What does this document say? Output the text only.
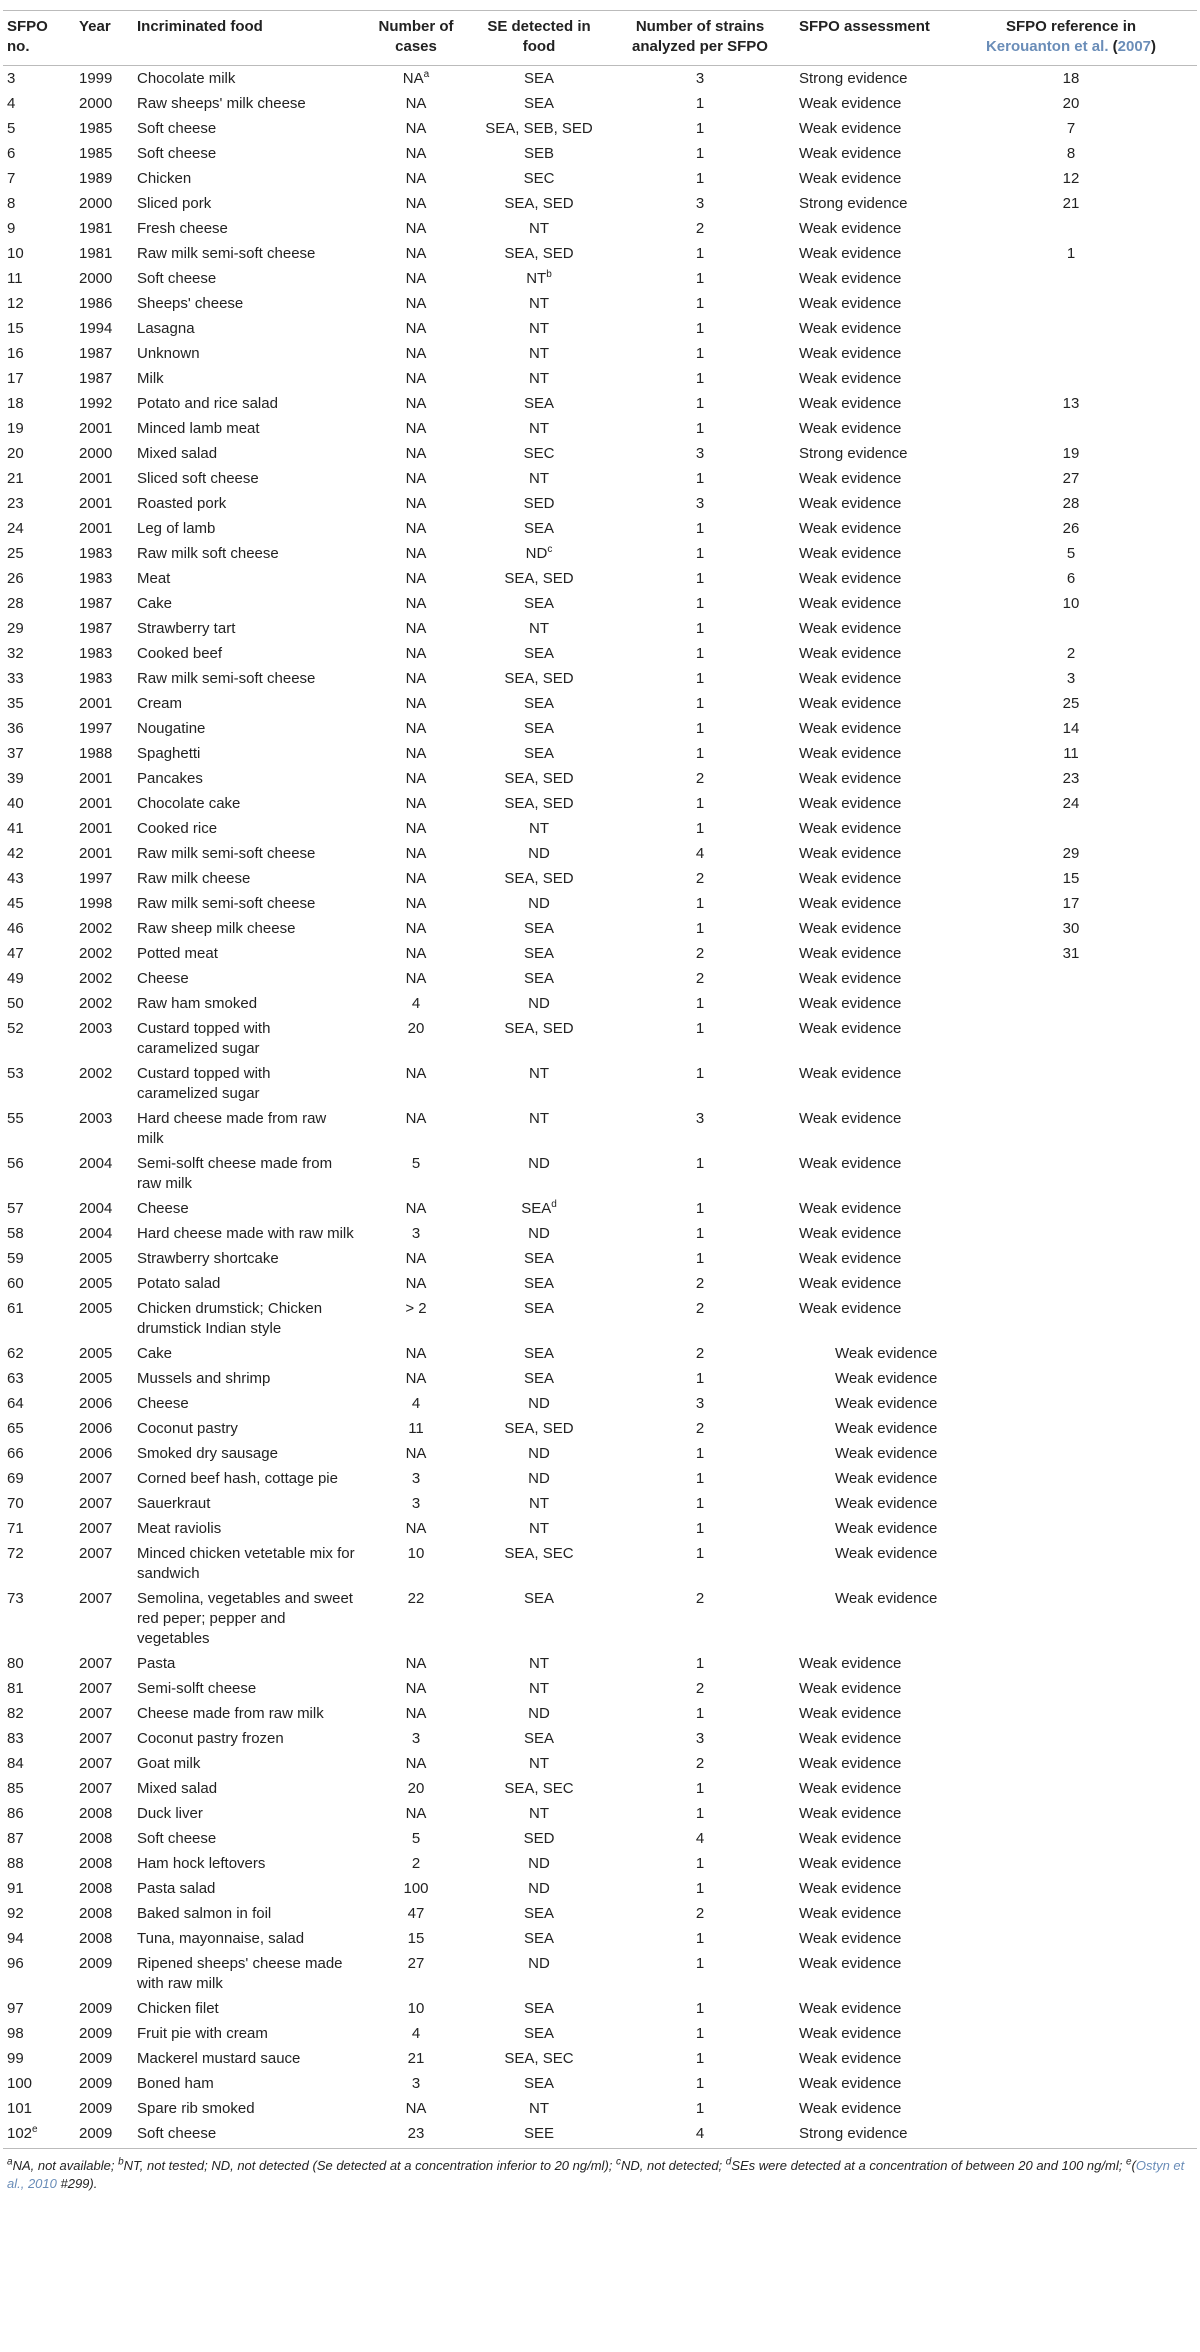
SFPO no.	Year	Incriminated food	Number of cases	SE detected in food	Number of strains analyzed per SFPO	SFPO assessment	SFPO reference in
Kerouanton et al. (2007)
3	1999	Chocolate milk	$NA^a$	SEA	3	Strong evidence	18
4	2000	Raw sheeps' milk cheese	NA	SEA	1	Weak evidence	20
5	1985	Soft cheese	NA	SEA, SEB, SED	1	Weak evidence	7
6	1985	Soft cheese	NA	SEB	1	Weak evidence	8
7	1989	Chicken	NA	SEC	1	Weak evidence	12
8	2000	Sliced pork	NA	SEA, SED	3	Strong evidence	21
9	1981	Fresh cheese	NA	NT	2	Weak evidence	
10	1981	Raw milk semi-soft cheese	NA	SEA, SED	1	Weak evidence	1
11	2000	Soft cheese	NA	$NT^b$	1	Weak evidence	
12	1986	Sheeps' cheese	NA	NT	1	Weak evidence	
15	1994	Lasagna	NA	NT	1	Weak evidence	
16	1987	Unknown	NA	NT	1	Weak evidence	
17	1987	Milk	NA	NT	1	Weak evidence	
18	1992	Potato and rice salad	NA	SEA	1	Weak evidence	13
19	2001	Minced lamb meat	NA	NT	1	Weak evidence	
20	2000	Mixed salad	NA	SEC	3	Strong evidence	19
21	2001	Sliced soft cheese	NA	NT	1	Weak evidence	27
23	2001	Roasted pork	NA	SED	3	Weak evidence	28
24	2001	Leg of lamb	NA	SEA	1	Weak evidence	26
25	1983	Raw milk soft cheese	NA	$ND^c$	1	Weak evidence	5
26	1983	Meat	NA	SEA, SED	1	Weak evidence	6
28	1987	Cake	NA	SEA	1	Weak evidence	10
29	1987	Strawberry tart	NA	NT	1	Weak evidence	
32	1983	Cooked beef	NA	SEA	1	Weak evidence	2
33	1983	Raw milk semi-soft cheese	NA	SEA, SED	1	Weak evidence	3
35	2001	Cream	NA	SEA	1	Weak evidence	25
36	1997	Nougatine	NA	SEA	1	Weak evidence	14
37	1988	Spaghetti	NA	SEA	1	Weak evidence	11
39	2001	Pancakes	NA	SEA, SED	2	Weak evidence	23
40	2001	Chocolate cake	NA	SEA, SED	1	Weak evidence	24
41	2001	Cooked rice	NA	NT	1	Weak evidence	
42	2001	Raw milk semi-soft cheese	NA	ND	4	Weak evidence	29
43	1997	Raw milk cheese	NA	SEA, SED	2	Weak evidence	15
45	1998	Raw milk semi-soft cheese	NA	ND	1	Weak evidence	17
46	2002	Raw sheep milk cheese	NA	SEA	1	Weak evidence	30
47	2002	Potted meat	NA	SEA	2	Weak evidence	31
49	2002	Cheese	NA	SEA	2	Weak evidence	
50	2002	Raw ham smoked	4	ND	1	Weak evidence	
52	2003	Custard topped with caramelized sugar	20	SEA, SED	1	Weak evidence	
53	2002	Custard topped with caramelized sugar	NA	NT	1	Weak evidence	
55	2003	Hard cheese made from raw milk	NA	NT	3	Weak evidence	
56	2004	Semi-solft cheese made from raw milk	5	ND	1	Weak evidence	
57	2004	Cheese	NA	SEA$^d$	1	Weak evidence	
58	2004	Hard cheese made with raw milk	3	ND	1	Weak evidence	
59	2005	Strawberry shortcake	NA	SEA	1	Weak evidence	
60	2005	Potato salad	NA	SEA	2	Weak evidence	
61	2005	Chicken drumstick; Chicken drumstick Indian style	> 2	SEA	2	Weak evidence	
62	2005	Cake	NA	SEA	2	Weak evidence	
63	2005	Mussels and shrimp	NA	SEA	1	Weak evidence	
64	2006	Cheese	4	ND	3	Weak evidence	
65	2006	Coconut pastry	11	SEA, SED	2	Weak evidence	
66	2006	Smoked dry sausage	NA	ND	1	Weak evidence	
69	2007	Corned beef hash, cottage pie	3	ND	1	Weak evidence	
70	2007	Sauerkraut	3	NT	1	Weak evidence	
71	2007	Meat raviolis	NA	NT	1	Weak evidence	
72	2007	Minced chicken vetetable mix for sandwich	10	SEA, SEC	1	Weak evidence	
73	2007	Semolina, vegetables and sweet red peper; pepper and vegetables	22	SEA	2	Weak evidence	
80	2007	Pasta	NA	NT	1	Weak evidence	
81	2007	Semi-solft cheese	NA	NT	2	Weak evidence	
82	2007	Cheese made from raw milk	NA	ND	1	Weak evidence	
83	2007	Coconut pastry frozen	3	SEA	3	Weak evidence	
84	2007	Goat milk	NA	NT	2	Weak evidence	
85	2007	Mixed salad	20	SEA, SEC	1	Weak evidence	
86	2008	Duck liver	NA	NT	1	Weak evidence	
87	2008	Soft cheese	5	SED	4	Weak evidence	
88	2008	Ham hock leftovers	2	ND	1	Weak evidence	
91	2008	Pasta salad	100	ND	1	Weak evidence	
92	2008	Baked salmon in foil	47	SEA	2	Weak evidence	
94	2008	Tuna, mayonnaise, salad	15	SEA	1	Weak evidence	
96	2009	Ripened sheeps' cheese made with raw milk	27	ND	1	Weak evidence	
97	2009	Chicken filet	10	SEA	1	Weak evidence	
98	2009	Fruit pie with cream	4	SEA	1	Weak evidence	
99	2009	Mackerel mustard sauce	21	SEA, SEC	1	Weak evidence	
100	2009	Boned ham	3	SEA	1	Weak evidence	
101	2009	Spare rib smoked	NA	NT	1	Weak evidence	
102e	2009	Soft cheese	23	SEE	4	Strong evidence	
$^a$NA, not available; $^b$NT, not tested; ND, not detected (Se detected at a concentration inferior to 20 ng/ml); $^c$ND, not detected; $^d$SEs were detected at a concentration of between 20 and 100 ng/ml; $^e$(Ostyn et al., 2010 #299).
